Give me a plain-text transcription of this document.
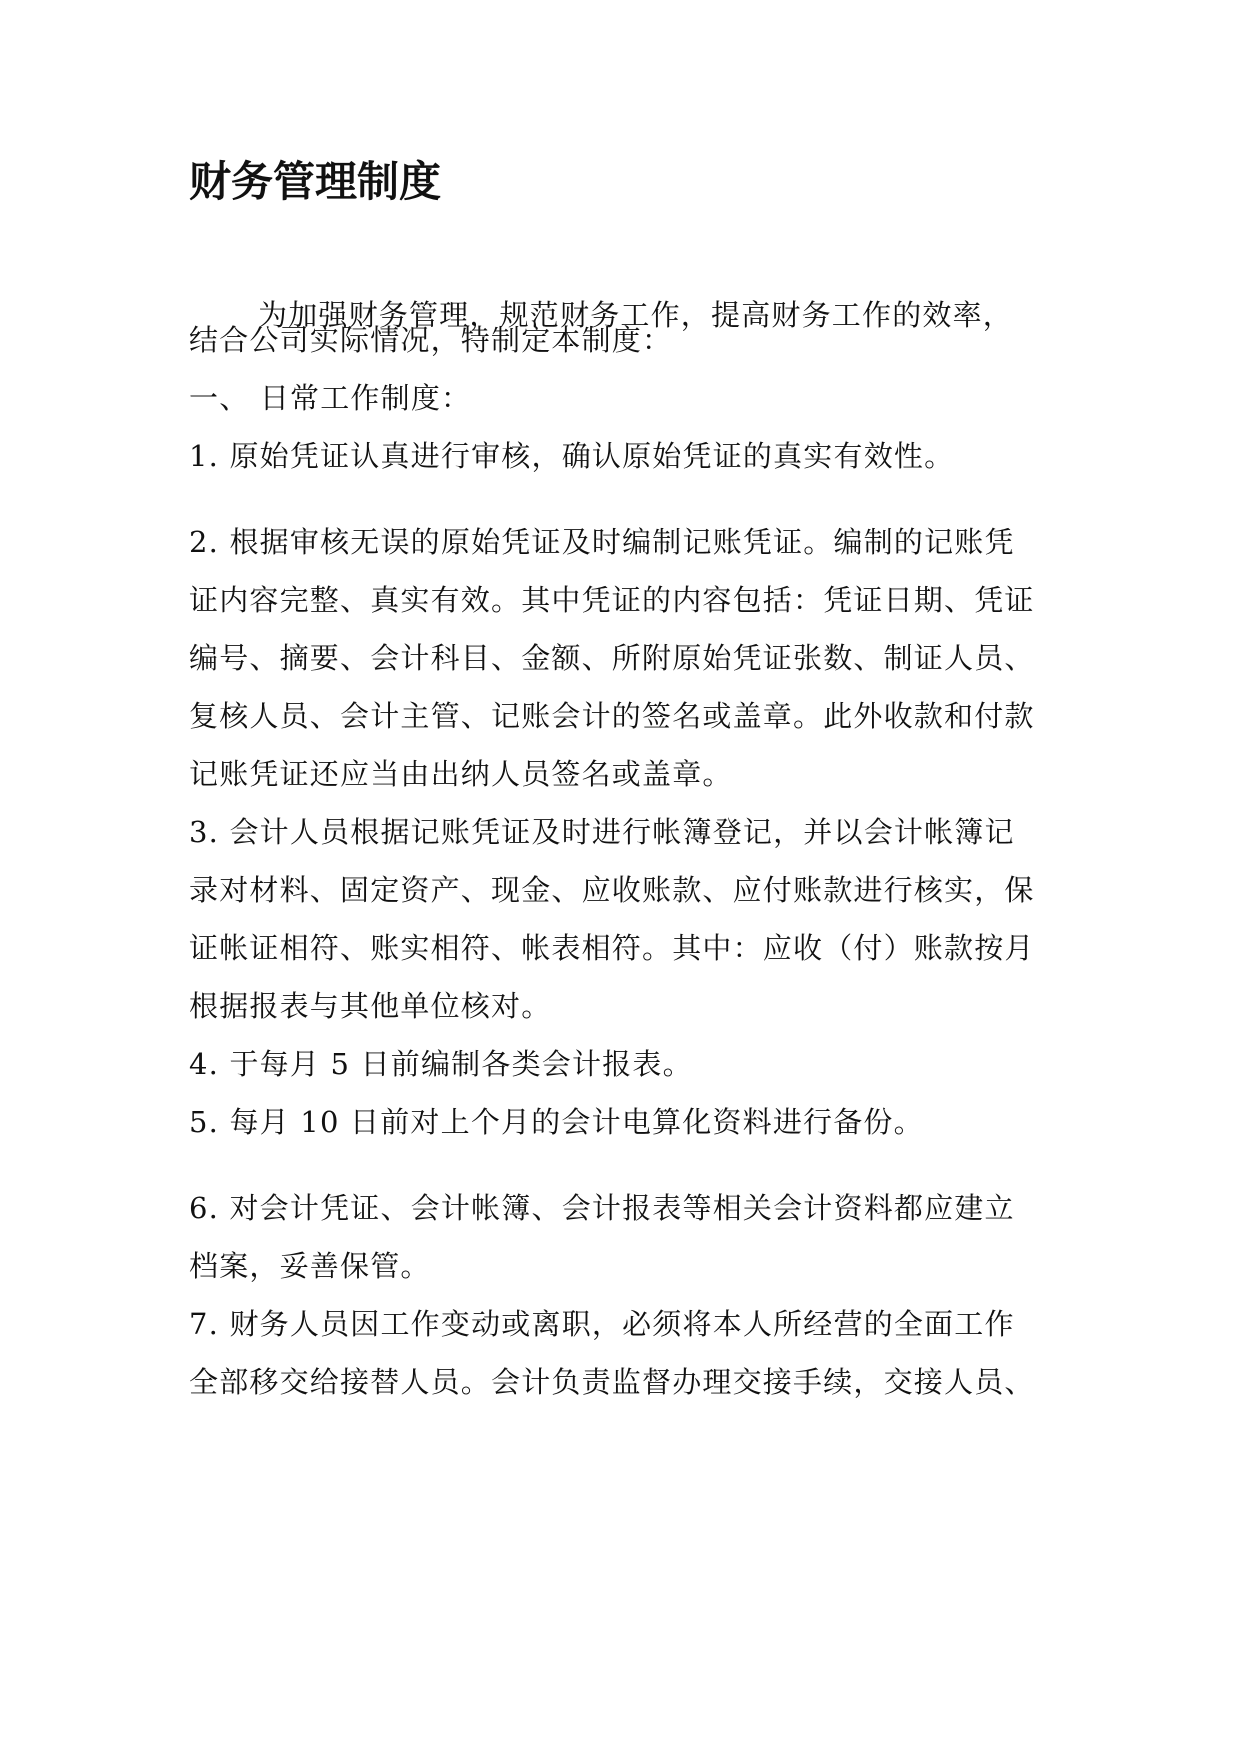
财务管理制度
为加强财务管理，规范财务工作，提高财务工作的效率，
结合公司实际情况，特制定本制度：
一、 日常工作制度：
1. 原始凭证认真进行审核，确认原始凭证的真实有效性。
2. 根据审核无误的原始凭证及时编制记账凭证。编制的记账凭
证内容完整、真实有效。其中凭证的内容包括：凭证日期、凭证
编号、摘要、会计科目、金额、所附原始凭证张数、制证人员、
复核人员、会计主管、记账会计的签名或盖章。此外收款和付款
记账凭证还应当由出纳人员签名或盖章。
3. 会计人员根据记账凭证及时进行帐簿登记，并以会计帐簿记
录对材料、固定资产、现金、应收账款、应付账款进行核实，保
证帐证相符、账实相符、帐表相符。其中：应收（付）账款按月
根据报表与其他单位核对。
4. 于每月 5 日前编制各类会计报表。
5. 每月 10 日前对上个月的会计电算化资料进行备份。
6. 对会计凭证、会计帐簿、会计报表等相关会计资料都应建立
档案，妥善保管。
7. 财务人员因工作变动或离职，必须将本人所经营的全面工作
全部移交给接替人员。会计负责监督办理交接手续，交接人员、
